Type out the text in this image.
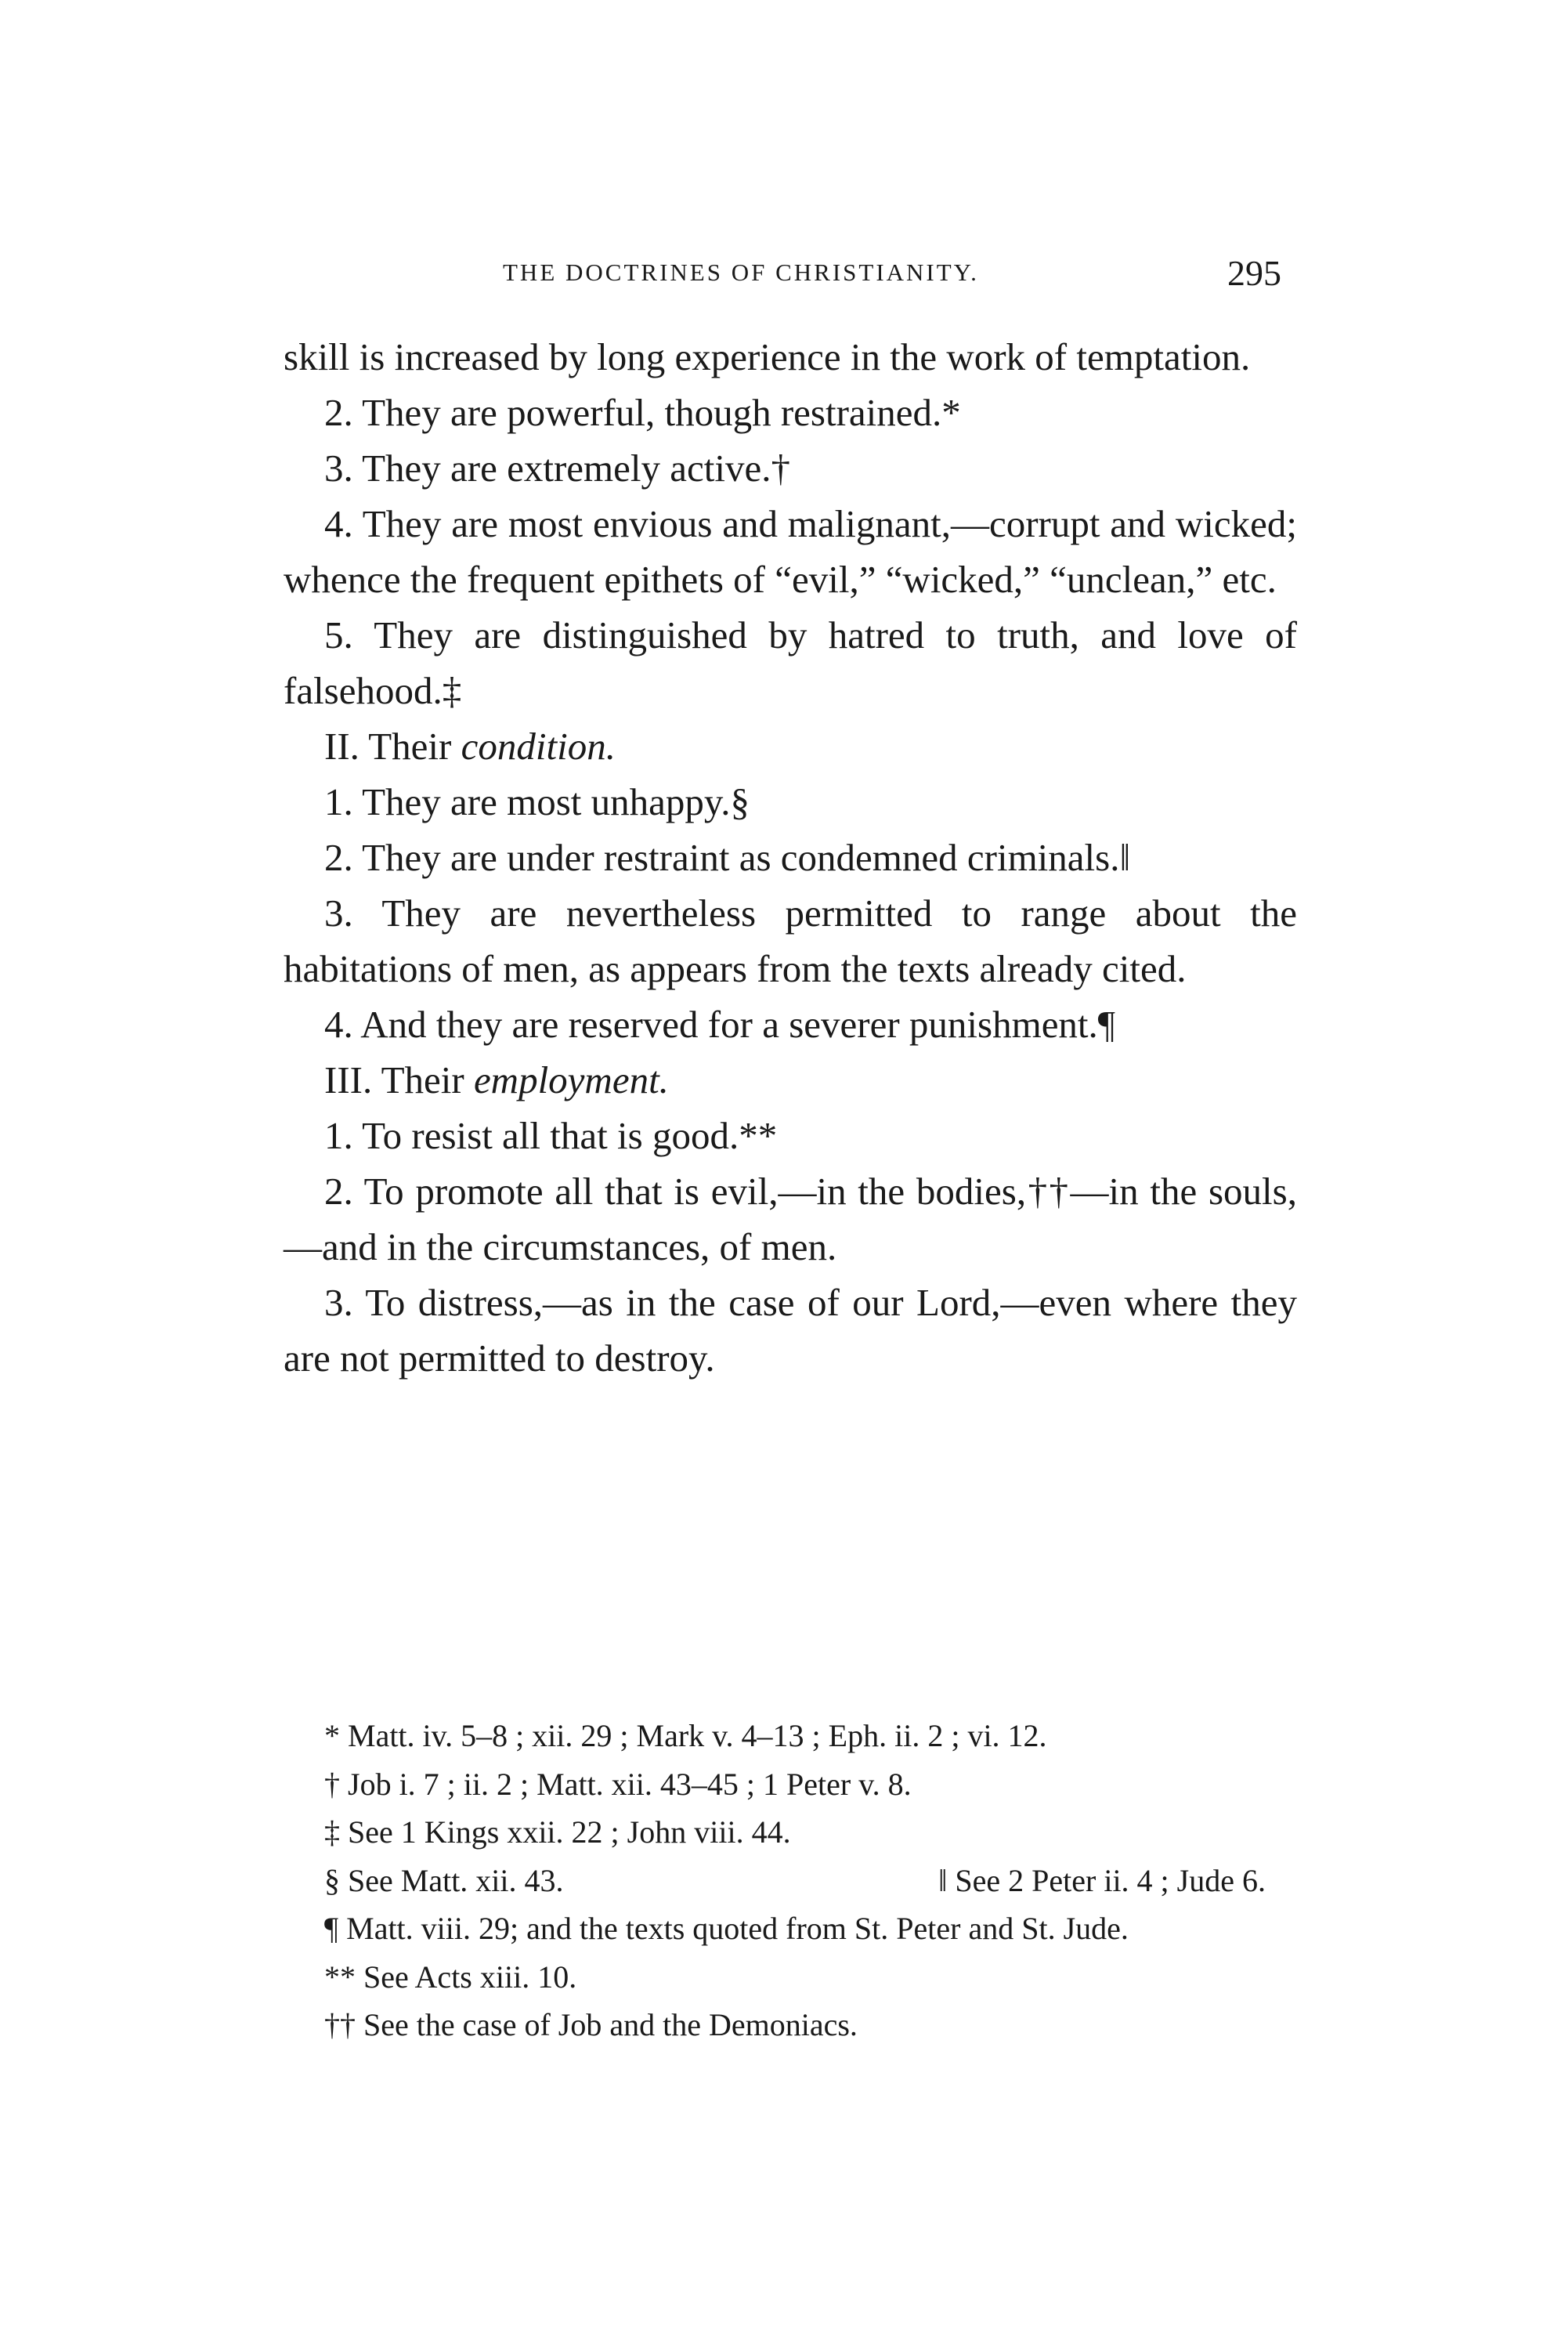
THE DOCTRINES OF CHRISTIANITY.	295

skill is increased by long experience in the work of temptation.

2. They are powerful, though restrained.*

3. They are extremely active.†

4. They are most envious and malignant,—corrupt and wicked; whence the frequent epithets of “evil,” “wicked,” “unclean,” etc.

5. They are distinguished by hatred to truth, and love of falsehood.‡

II. Their condition.

1. They are most unhappy.§

2. They are under restraint as condemned criminals.‖

3. They are nevertheless permitted to range about the habitations of men, as appears from the texts already cited.

4. And they are reserved for a severer punishment.¶

III. Their employment.

1. To resist all that is good.**

2. To promote all that is evil,—in the bodies,††—in the souls,—and in the circumstances, of men.

3. To distress,—as in the case of our Lord,—even where they are not permitted to destroy.

* Matt. iv. 5–8 ; xii. 29 ; Mark v. 4–13 ; Eph. ii. 2 ; vi. 12.

† Job i. 7 ; ii. 2 ; Matt. xii. 43–45 ; 1 Peter v. 8.

‡ See 1 Kings xxii. 22 ; John viii. 44.

§ See Matt. xii. 43.	‖ See 2 Peter ii. 4 ; Jude 6.

¶ Matt. viii. 29; and the texts quoted from St. Peter and St. Jude.

** See Acts xiii. 10.

†† See the case of Job and the Demoniacs.
